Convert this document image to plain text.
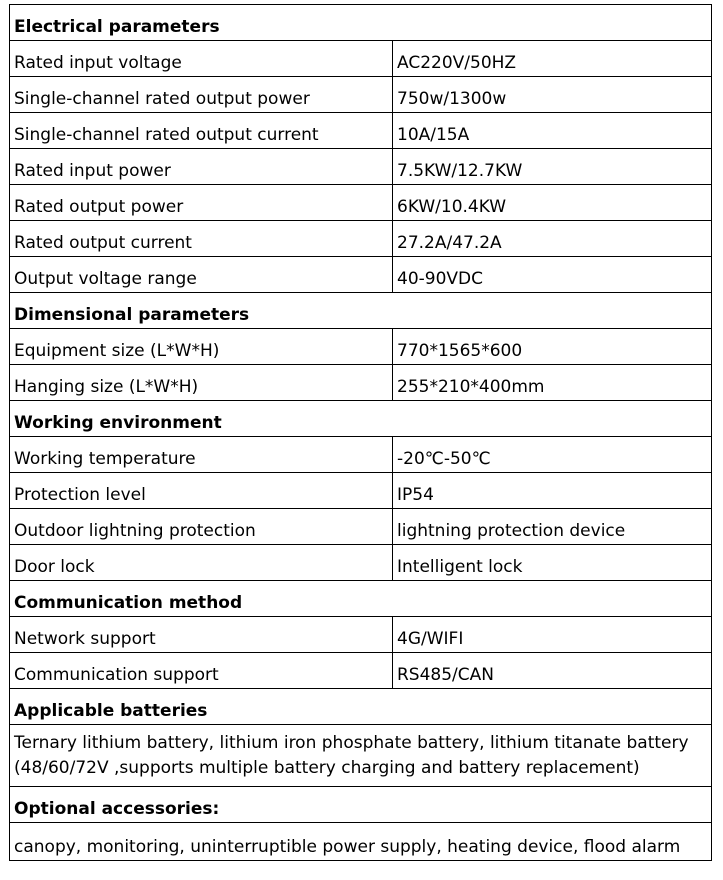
Electrical parameters	
Rated input voltage	AC220V/50HZ
Single-channel rated output power	750w/1300w
Single-channel rated output current	10A/15A
Rated input power	7.5KW/12.7KW
Rated output power	6KW/10.4KW
Rated output current	27.2A/47.2A
Output voltage range	40-90VDC
Dimensional parameters	
Equipment size (L*W*H)	770*1565*600
Hanging size (L*W*H)	255*210*400mm
Working environment	
Working temperature	-20℃-50℃
Protection level	IP54
Outdoor lightning protection	lightning protection device
Door lock	Intelligent lock
Communication method	
Network support	4G/WIFI
Communication support	RS485/CAN
Applicable batteries	
Ternary lithium battery, lithium iron phosphate battery, lithium titanate battery (48/60/72V ,supports multiple battery charging and battery replacement)	
Optional accessories:	
canopy, monitoring, uninterruptible power supply, heating device, flood alarm	
